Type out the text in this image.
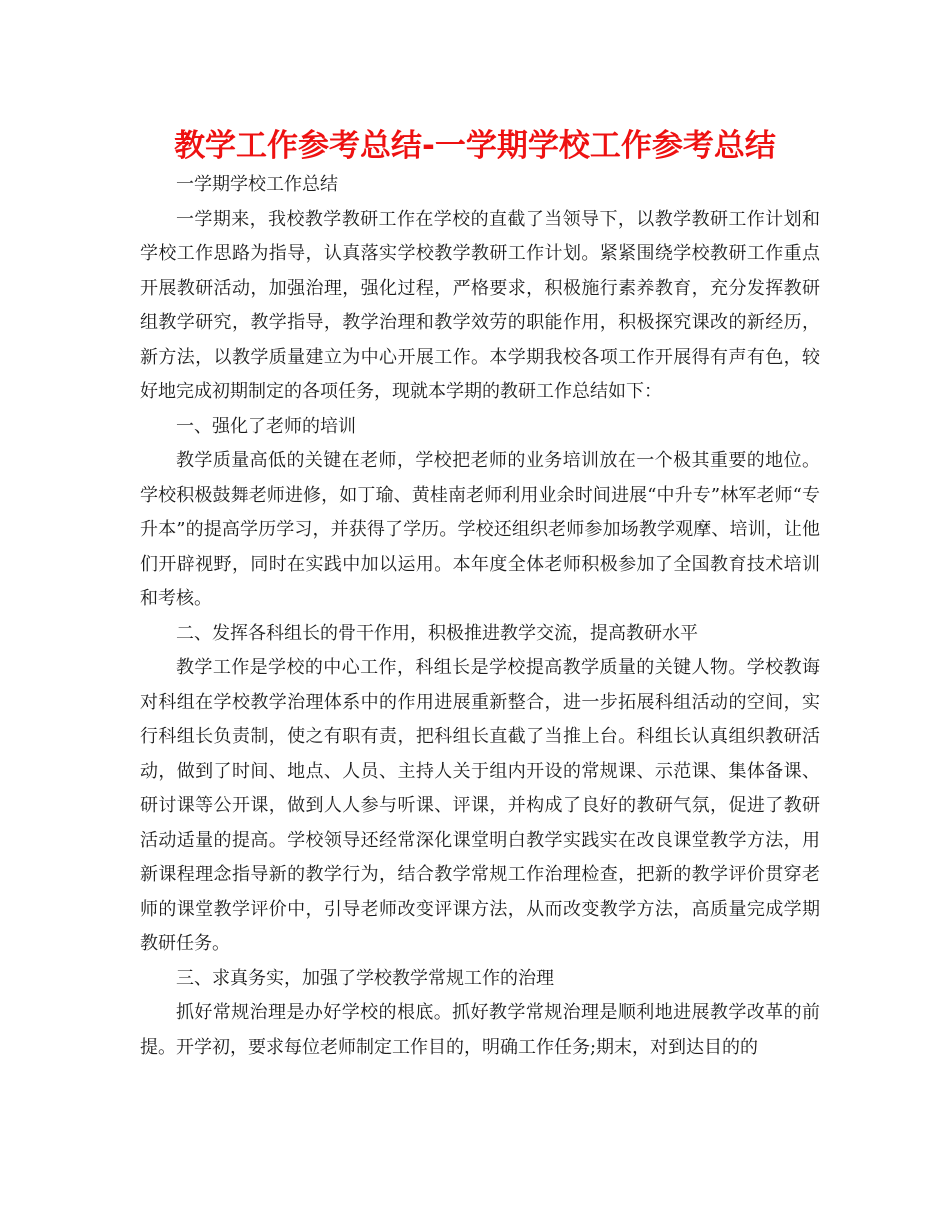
教学工作参考总结-一学期学校工作参考总结

一学期学校工作总结

一学期来，我校教学教研工作在学校的直截了当领导下，以教学教研工作计划和学校工作思路为指导，认真落实学校教学教研工作计划。紧紧围绕学校教研工作重点开展教研活动，加强治理，强化过程，严格要求，积极施行素养教育，充分发挥教研组教学研究，教学指导，教学治理和教学效劳的职能作用，积极探究课改的新经历，新方法，以教学质量建立为中心开展工作。本学期我校各项工作开展得有声有色，较好地完成初期制定的各项任务，现就本学期的教研工作总结如下：

一、强化了老师的培训

教学质量高低的关键在老师，学校把老师的业务培训放在一个极其重要的地位。学校积极鼓舞老师进修，如丁瑜、黄桂南老师利用业余时间进展“中升专”林军老师“专升本”的提高学历学习，并获得了学历。学校还组织老师参加场教学观摩、培训，让他们开辟视野，同时在实践中加以运用。本年度全体老师积极参加了全国教育技术培训和考核。

二、发挥各科组长的骨干作用，积极推进教学交流，提高教研水平

教学工作是学校的中心工作，科组长是学校提高教学质量的关键人物。学校教诲对科组在学校教学治理体系中的作用进展重新整合，进一步拓展科组活动的空间，实行科组长负责制，使之有职有责，把科组长直截了当推上台。科组长认真组织教研活动，做到了时间、地点、人员、主持人关于组内开设的常规课、示范课、集体备课、研讨课等公开课，做到人人参与听课、评课，并构成了良好的教研气氛，促进了教研活动适量的提高。学校领导还经常深化课堂明白教学实践实在改良课堂教学方法，用新课程理念指导新的教学行为，结合教学常规工作治理检查，把新的教学评价贯穿老师的课堂教学评价中，引导老师改变评课方法，从而改变教学方法，高质量完成学期教研任务。

三、求真务实，加强了学校教学常规工作的治理

抓好常规治理是办好学校的根底。抓好教学常规治理是顺利地进展教学改革的前提。开学初，要求每位老师制定工作目的，明确工作任务;期末，对到达目的的
